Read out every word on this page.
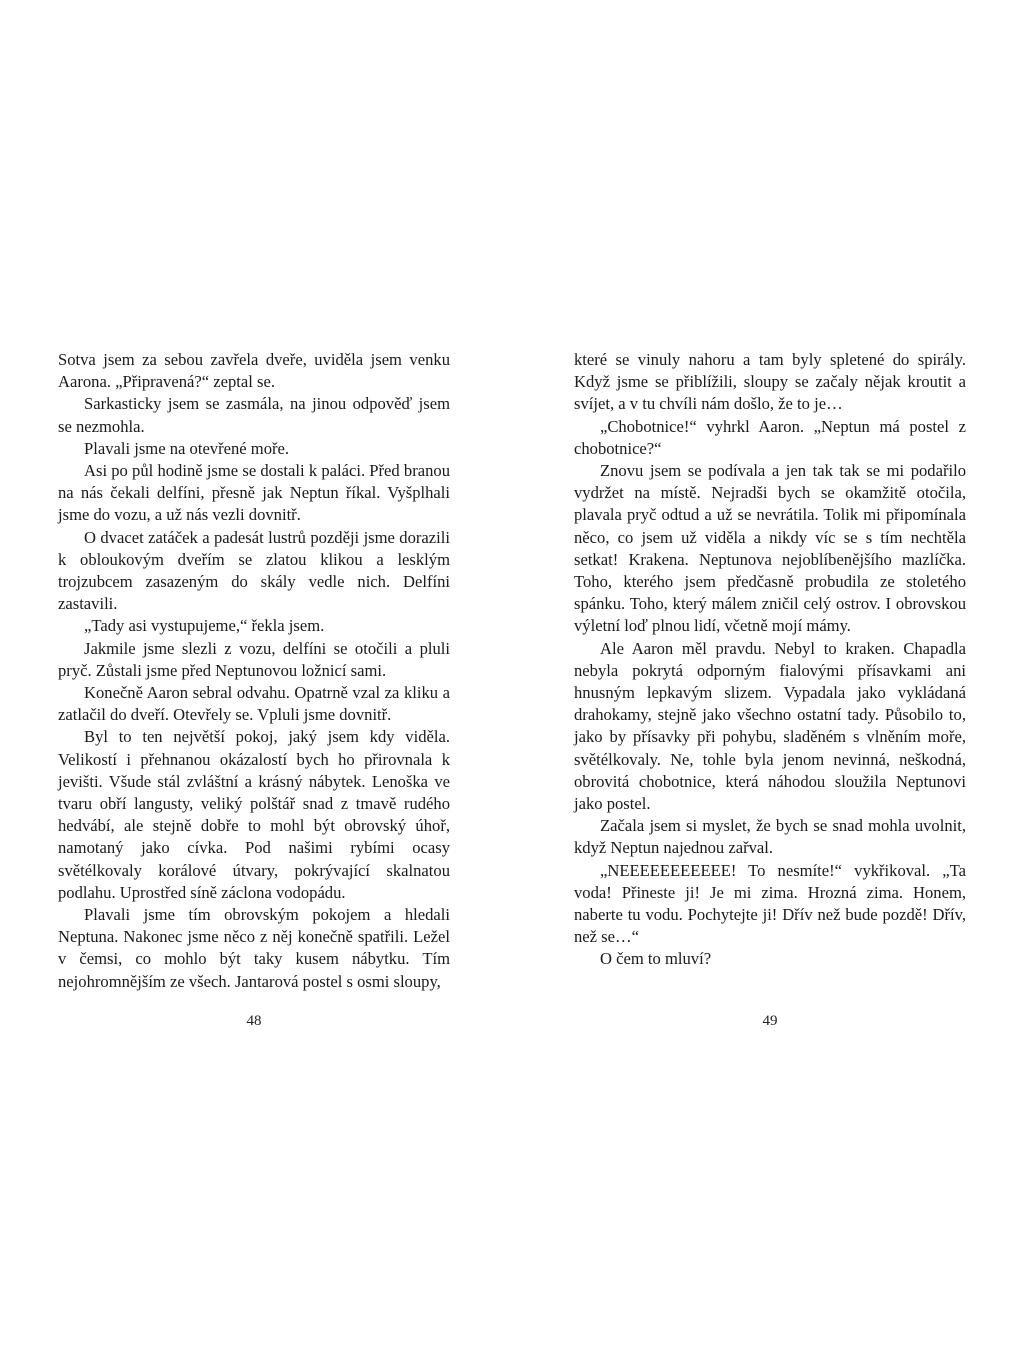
Sotva jsem za sebou zavřela dveře, uviděla jsem venku Aarona. „Připravená?“ zeptal se.

Sarkasticky jsem se zasmála, na jinou odpověď jsem se nezmohla.

Plavali jsme na otevřené moře.

Asi po půl hodině jsme se dostali k paláci. Před branou na nás čekali delfíni, přesně jak Neptun říkal. Vyšplhali jsme do vozu, a už nás vezli dovnitř.

O dvacet zatáček a padesát lustrů později jsme dorazili k obloukovým dveřím se zlatou klikou a lesklým trojzubcem zasazeným do skály vedle nich. Delfíni zastavili.

„Tady asi vystupujeme,“ řekla jsem.

Jakmile jsme slezli z vozu, delfíni se otočili a pluli pryč. Zůstali jsme před Neptunovou ložnicí sami.

Konečně Aaron sebral odvahu. Opatrně vzal za kliku a zatlačil do dveří. Otevřely se. Vpluli jsme dovnitř.

Byl to ten největší pokoj, jaký jsem kdy viděla. Velikostí i přehnanou okázalostí bych ho přirovnala k jevišti. Všude stál zvláštní a krásný nábytek. Lenoška ve tvaru obří langusty, veliký polštář snad z tmavě rudého hedvábí, ale stejně dobře to mohl být obrovský úhoř, namotaný jako cívka. Pod našimi rybími ocasy světélkovaly korálové útvary, pokrývající skalnatou podlahu. Uprostřed síně záclona vodopádu.

Plavali jsme tím obrovským pokojem a hledali Neptuna. Nakonec jsme něco z něj konečně spatřili. Ležel v čemsi, co mohlo být taky kusem nábytku. Tím nejohromnějším ze všech. Jantarová postel s osmi sloupy,

48

které se vinuly nahoru a tam byly spletené do spirály. Když jsme se přiblížili, sloupy se začaly nějak kroutit a svíjet, a v tu chvíli nám došlo, že to je…

„Chobotnice!“ vyhrkl Aaron. „Neptun má postel z chobotnice?“

Znovu jsem se podívala a jen tak tak se mi podařilo vydržet na místě. Nejradši bych se okamžitě otočila, plavala pryč odtud a už se nevrátila. Tolik mi připomínala něco, co jsem už viděla a nikdy víc se s tím nechtěla setkat! Krakena. Neptunova nejoblíbenějšího mazlíčka. Toho, kterého jsem předčasně probudila ze stoletého spánku. Toho, který málem zničil celý ostrov. I obrovskou výletní loď plnou lidí, včetně mojí mámy.

Ale Aaron měl pravdu. Nebyl to kraken. Chapadla nebyla pokrytá odporným fialovými přísavkami ani hnusným lepkavým slizem. Vypadala jako vykládaná drahokamy, stejně jako všechno ostatní tady. Působilo to, jako by přísavky při pohybu, sladěném s vlněním moře, světélkovaly. Ne, tohle byla jenom nevinná, neškodná, obrovitá chobotnice, která náhodou sloužila Neptunovi jako postel.

Začala jsem si myslet, že bych se snad mohla uvolnit, když Neptun najednou zařval.

„NEEEEEEEEEEE! To nesmíte!“ vykřikoval. „Ta voda! Přineste ji! Je mi zima. Hrozná zima. Honem, naberte tu vodu. Pochytejte ji! Dřív než bude pozdě! Dřív, než se…“

O čem to mluví?

49
